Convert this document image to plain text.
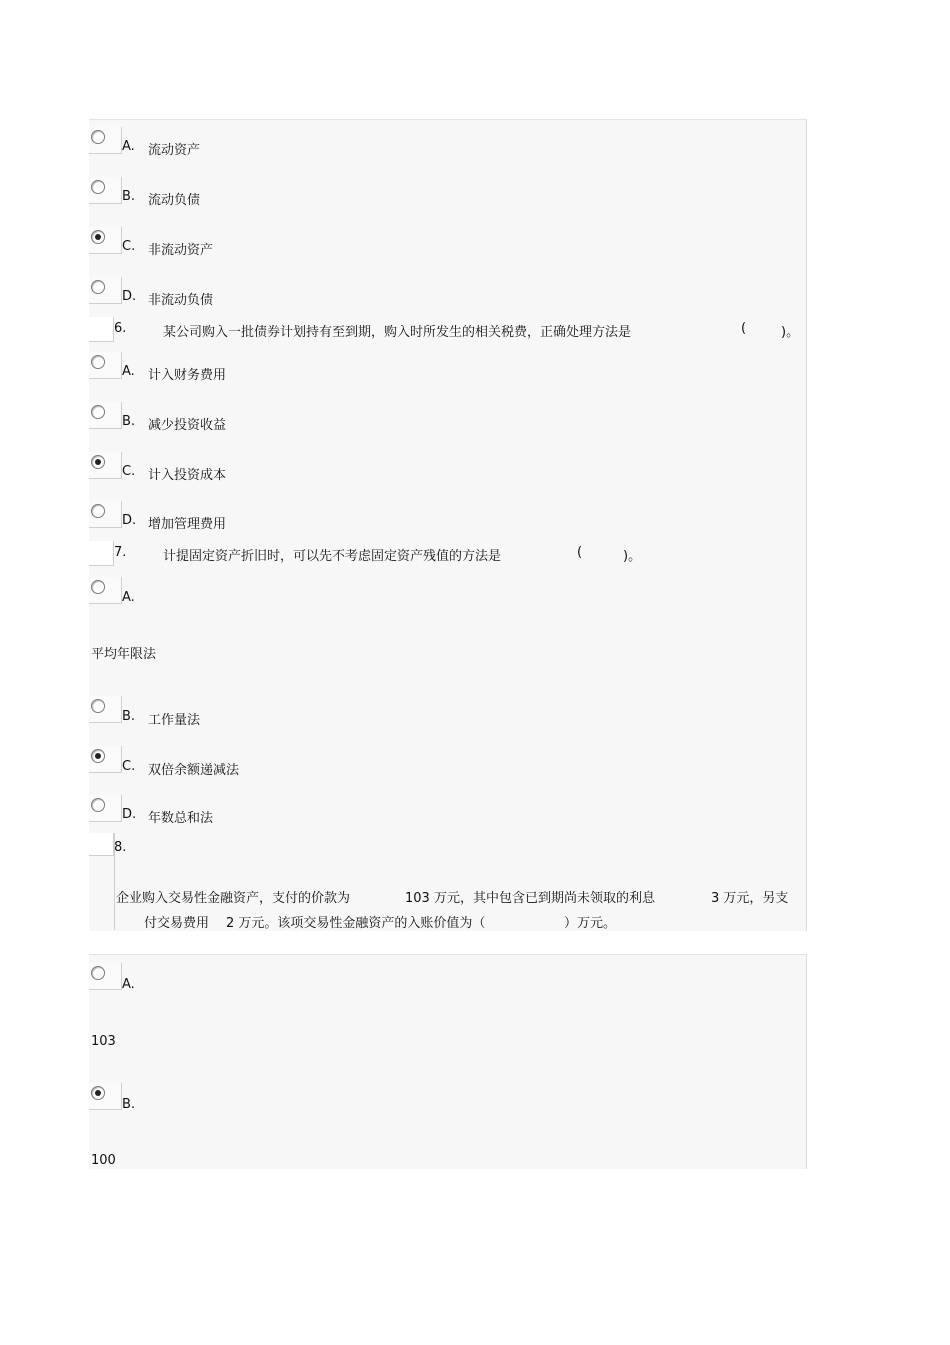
A. 流动资产
B. 流动负债
C. 非流动资产
D. 非流动负债
6.	某公司购入一批债券计划持有至到期，购入时所发生的相关税费，正确处理方法是	(	)。
A. 计入财务费用
B. 减少投资收益
C. 计入投资成本
D. 增加管理费用
7.	计提固定资产折旧时，可以先不考虑固定资产残值的方法是	(	)。
A.
平均年限法
B. 工作量法
C. 双倍余额递减法
D. 年数总和法
8.
企业购入交易性金融资产，支付的价款为	103 万元，其中包含已到期尚未领取的利息	3 万元，另支
付交易费用 2 万元。该项交易性金融资产的入账价值为（	）万元。
A.
103
B.
100
